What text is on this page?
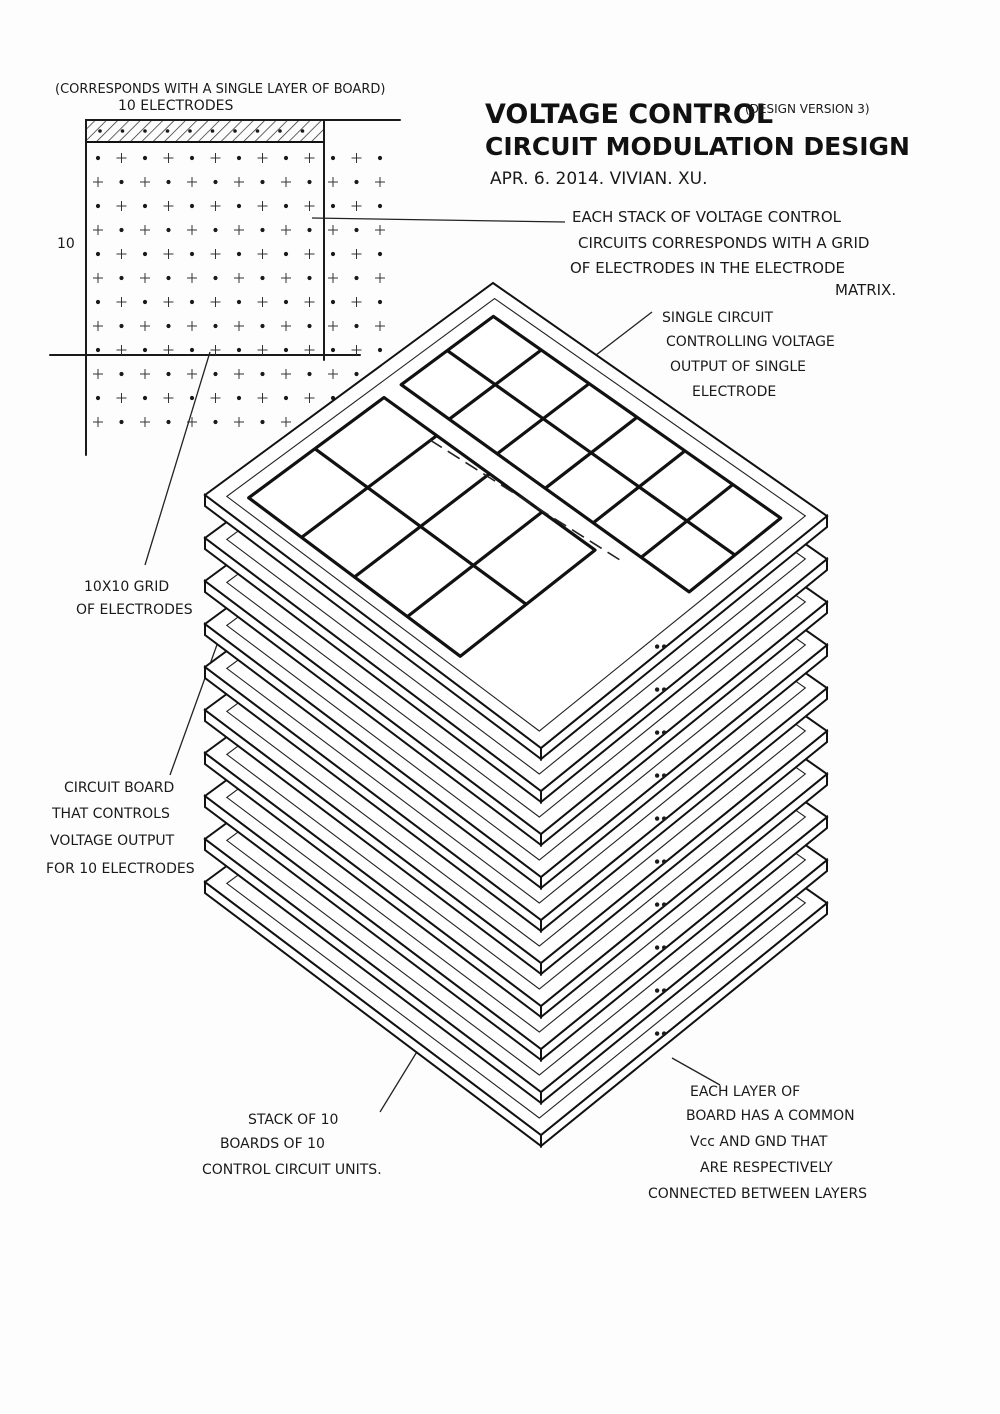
VOLTAGE CONTROL
(DESIGN VERSION 3)
CIRCUIT MODULATION DESIGN
APR. 6. 2014. VIVIAN. XU.
(CORRESPONDS WITH A SINGLE LAYER OF BOARD)
10 ELECTRODES
10
EACH STACK OF VOLTAGE CONTROL CIRCUITS CORRESPONDS WITH A GRID OF ELECTRODES IN THE ELECTRODE MATRIX.
SINGLE CIRCUIT CONTROLLING VOLTAGE OUTPUT OF SINGLE ELECTRODE
10X10 GRID OF ELECTRODES
CIRCUIT BOARD THAT CONTROLS VOLTAGE OUTPUT FOR 10 ELECTRODES
STACK OF 10 BOARDS OF 10 CONTROL CIRCUIT UNITS.
EACH LAYER OF BOARD HAS A COMMON Vcc AND GND THAT ARE RESPECTIVELY CONNECTED BETWEEN LAYERS
